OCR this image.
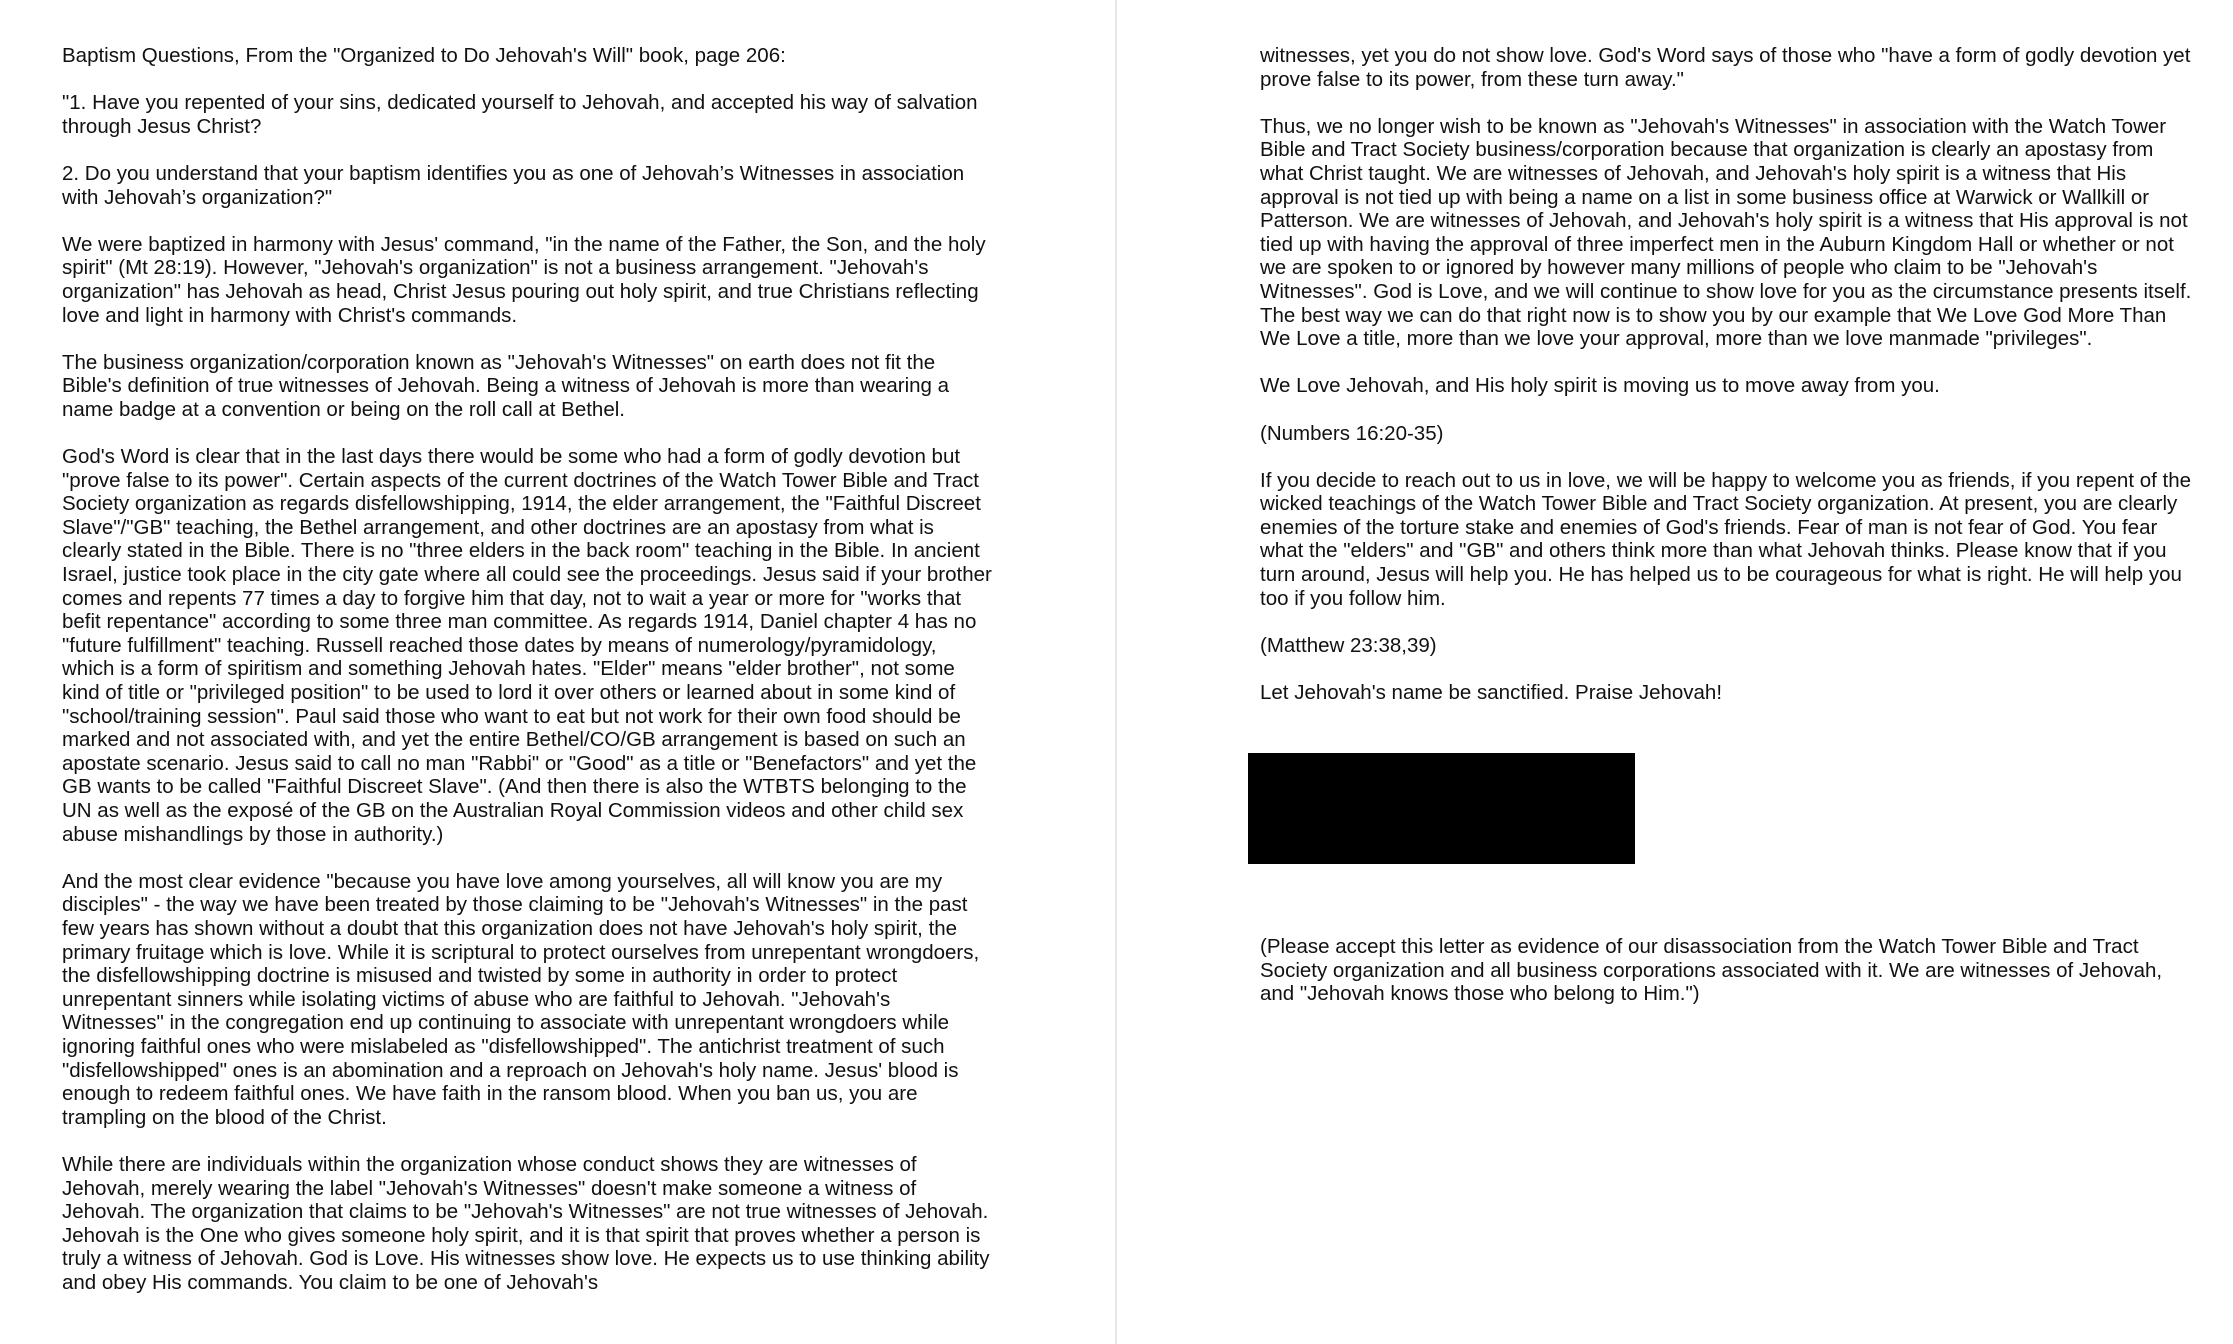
Baptism Questions, From the "Organized to Do Jehovah's Will" book, page 206:

"1. Have you repented of your sins, dedicated yourself to Jehovah, and accepted his way of salvation through Jesus Christ?

2. Do you understand that your baptism identifies you as one of Jehovah’s Witnesses in association with Jehovah’s organization?"

We were baptized in harmony with Jesus' command, "in the name of the Father, the Son, and the holy spirit" (Mt 28:19). However, "Jehovah's organization" is not a business arrangement. "Jehovah's organization" has Jehovah as head, Christ Jesus pouring out holy spirit, and true Christians reflecting love and light in harmony with Christ's commands.

The business organization/corporation known as "Jehovah's Witnesses" on earth does not fit the Bible's definition of true witnesses of Jehovah. Being a witness of Jehovah is more than wearing a name badge at a convention or being on the roll call at Bethel.

God's Word is clear that in the last days there would be some who had a form of godly devotion but "prove false to its power". Certain aspects of the current doctrines of the Watch Tower Bible and Tract Society organization as regards disfellowshipping, 1914, the elder arrangement, the "Faithful Discreet Slave"/"GB" teaching, the Bethel arrangement, and other doctrines are an apostasy from what is clearly stated in the Bible. There is no "three elders in the back room" teaching in the Bible. In ancient Israel, justice took place in the city gate where all could see the proceedings. Jesus said if your brother comes and repents 77 times a day to forgive him that day, not to wait a year or more for "works that befit repentance" according to some three man committee. As regards 1914, Daniel chapter 4 has no "future fulfillment" teaching. Russell reached those dates by means of numerology/pyramidology, which is a form of spiritism and something Jehovah hates. "Elder" means "elder brother", not some kind of title or "privileged position" to be used to lord it over others or learned about in some kind of "school/training session". Paul said those who want to eat but not work for their own food should be marked and not associated with, and yet the entire Bethel/CO/GB arrangement is based on such an apostate scenario. Jesus said to call no man "Rabbi" or "Good" as a title or "Benefactors" and yet the GB wants to be called "Faithful Discreet Slave". (And then there is also the WTBTS belonging to the UN as well as the exposé of the GB on the Australian Royal Commission videos and other child sex abuse mishandlings by those in authority.)

And the most clear evidence "because you have love among yourselves, all will know you are my disciples" - the way we have been treated by those claiming to be "Jehovah's Witnesses" in the past few years has shown without a doubt that this organization does not have Jehovah's holy spirit, the primary fruitage which is love. While it is scriptural to protect ourselves from unrepentant wrongdoers, the disfellowshipping doctrine is misused and twisted by some in authority in order to protect unrepentant sinners while isolating victims of abuse who are faithful to Jehovah. "Jehovah's Witnesses" in the congregation end up continuing to associate with unrepentant wrongdoers while ignoring faithful ones who were mislabeled as "disfellowshipped". The antichrist treatment of such "disfellowshipped" ones is an abomination and a reproach on Jehovah's holy name. Jesus' blood is enough to redeem faithful ones. We have faith in the ransom blood. When you ban us, you are trampling on the blood of the Christ.

While there are individuals within the organization whose conduct shows they are witnesses of Jehovah, merely wearing the label "Jehovah's Witnesses" doesn't make someone a witness of Jehovah. The organization that claims to be "Jehovah's Witnesses" are not true witnesses of Jehovah. Jehovah is the One who gives someone holy spirit, and it is that spirit that proves whether a person is truly a witness of Jehovah. God is Love. His witnesses show love. He expects us to use thinking ability and obey His commands. You claim to be one of Jehovah's

witnesses, yet you do not show love. God's Word says of those who "have a form of godly devotion yet prove false to its power, from these turn away."

Thus, we no longer wish to be known as "Jehovah's Witnesses" in association with the Watch Tower Bible and Tract Society business/corporation because that organization is clearly an apostasy from what Christ taught. We are witnesses of Jehovah, and Jehovah's holy spirit is a witness that His approval is not tied up with being a name on a list in some business office at Warwick or Wallkill or Patterson. We are witnesses of Jehovah, and Jehovah's holy spirit is a witness that His approval is not tied up with having the approval of three imperfect men in the Auburn Kingdom Hall or whether or not we are spoken to or ignored by however many millions of people who claim to be "Jehovah's Witnesses". God is Love, and we will continue to show love for you as the circumstance presents itself. The best way we can do that right now is to show you by our example that We Love God More Than We Love a title, more than we love your approval, more than we love manmade "privileges".

We Love Jehovah, and His holy spirit is moving us to move away from you.

(Numbers 16:20-35)

If you decide to reach out to us in love, we will be happy to welcome you as friends, if you repent of the wicked teachings of the Watch Tower Bible and Tract Society organization. At present, you are clearly enemies of the torture stake and enemies of God's friends. Fear of man is not fear of God. You fear what the "elders" and "GB" and others think more than what Jehovah thinks. Please know that if you turn around, Jesus will help you. He has helped us to be courageous for what is right. He will help you too if you follow him.

(Matthew 23:38,39)

Let Jehovah's name be sanctified. Praise Jehovah!

(Please accept this letter as evidence of our disassociation from the Watch Tower Bible and Tract Society organization and all business corporations associated with it. We are witnesses of Jehovah, and "Jehovah knows those who belong to Him.")
